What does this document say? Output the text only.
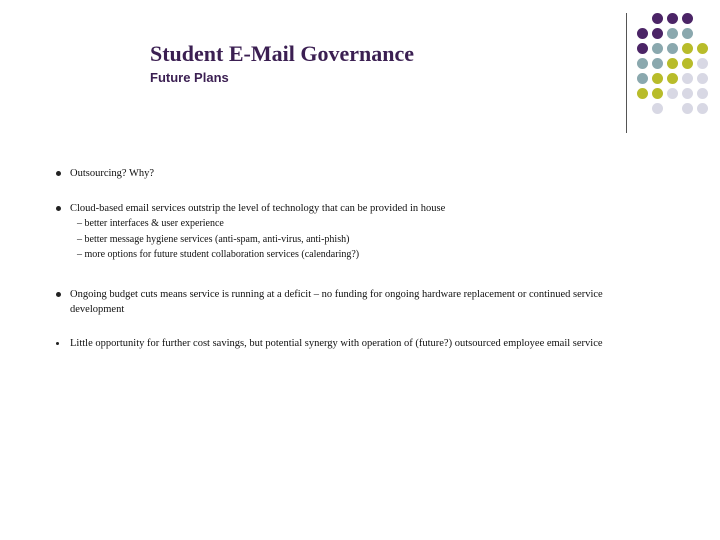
Student E-Mail Governance
Future Plans
Outsourcing? Why?
Cloud-based email services outstrip the level of technology that can be provided in house
– better interfaces & user experience
– better message hygiene services (anti-spam, anti-virus, anti-phish)
– more options for future student collaboration services (calendaring?)
Ongoing budget cuts means service is running at a deficit – no funding for ongoing hardware replacement or continued service development
Little opportunity for further cost savings, but potential synergy with operation of (future?) outsourced employee email service
